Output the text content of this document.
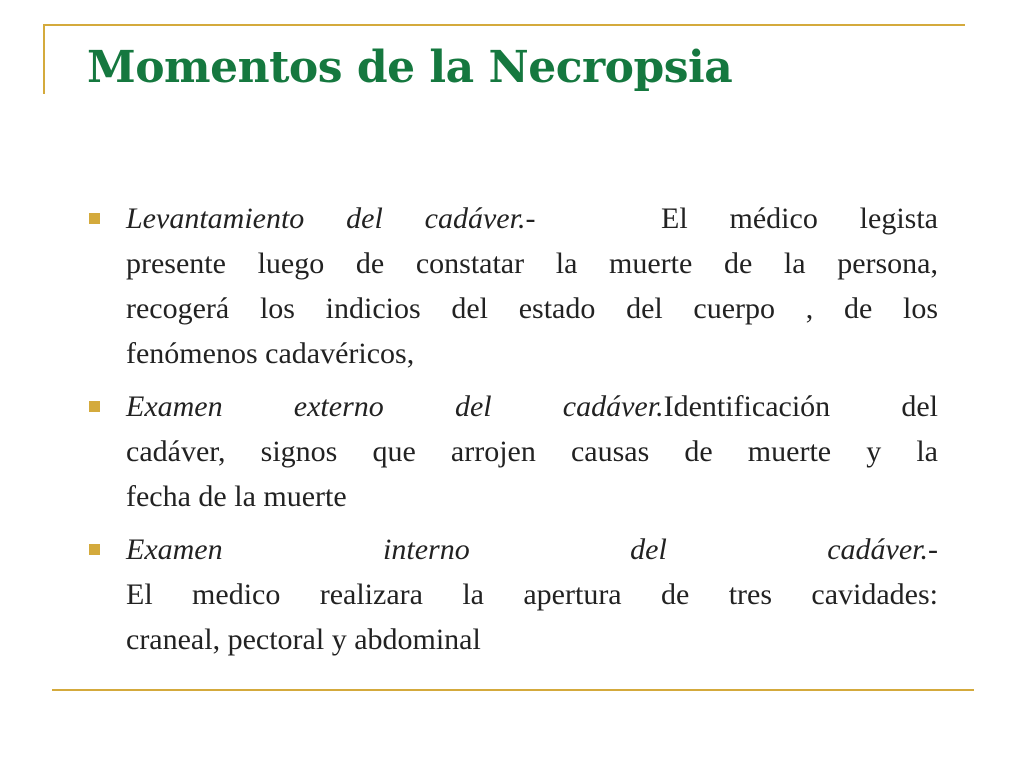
Momentos de la Necropsia
Levantamiento del cadáver.-	El médico legista
presente luego de constatar la muerte de la persona,
recogerá los indicios del estado del cuerpo , de los
fenómenos cadavéricos,
Examen externo del cadáver.Identificación del
cadáver, signos que arrojen causas de muerte y la
fecha de la muerte
Examen interno del cadáver.-
El medico realizara la apertura de tres cavidades:
craneal, pectoral y abdominal
